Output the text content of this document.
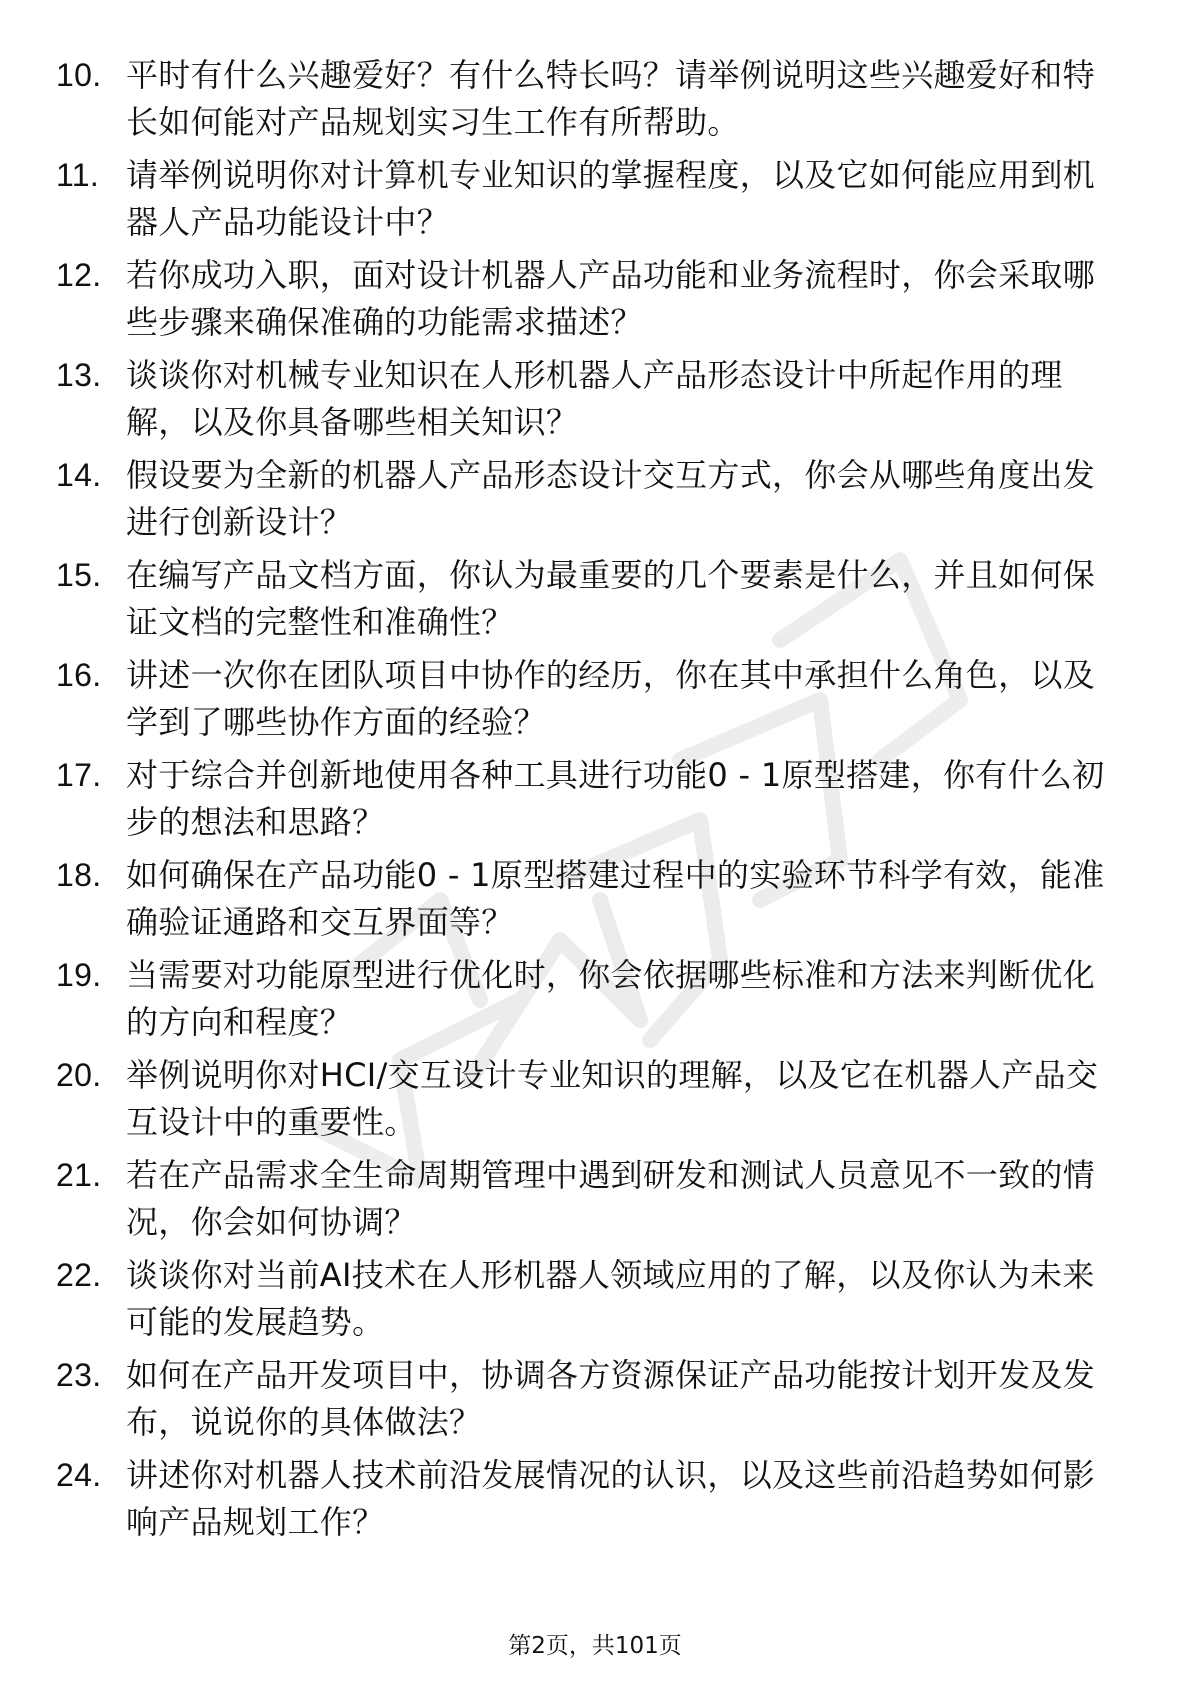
10. 平时有什么兴趣爱好？有什么特长吗？请举例说明这些兴趣爱好和特长如何能对产品规划实习生工作有所帮助。
11. 请举例说明你对计算机专业知识的掌握程度，以及它如何能应用到机器人产品功能设计中？
12. 若你成功入职，面对设计机器人产品功能和业务流程时，你会采取哪些步骤来确保准确的功能需求描述？
13. 谈谈你对机械专业知识在人形机器人产品形态设计中所起作用的理解，以及你具备哪些相关知识？
14. 假设要为全新的机器人产品形态设计交互方式，你会从哪些角度出发进行创新设计？
15. 在编写产品文档方面，你认为最重要的几个要素是什么，并且如何保证文档的完整性和准确性？
16. 讲述一次你在团队项目中协作的经历，你在其中承担什么角色，以及学到了哪些协作方面的经验？
17. 对于综合并创新地使用各种工具进行功能0 - 1原型搭建，你有什么初步的想法和思路？
18. 如何确保在产品功能0 - 1原型搭建过程中的实验环节科学有效，能准确验证通路和交互界面等？
19. 当需要对功能原型进行优化时，你会依据哪些标准和方法来判断优化的方向和程度？
20. 举例说明你对HCI/交互设计专业知识的理解，以及它在机器人产品交互设计中的重要性。
21. 若在产品需求全生命周期管理中遇到研发和测试人员意见不一致的情况，你会如何协调？
22. 谈谈你对当前AI技术在人形机器人领域应用的了解，以及你认为未来可能的发展趋势。
23. 如何在产品开发项目中，协调各方资源保证产品功能按计划开发及发布，说说你的具体做法？
24. 讲述你对机器人技术前沿发展情况的认识，以及这些前沿趋势如何影响产品规划工作？
第2页，共101页
